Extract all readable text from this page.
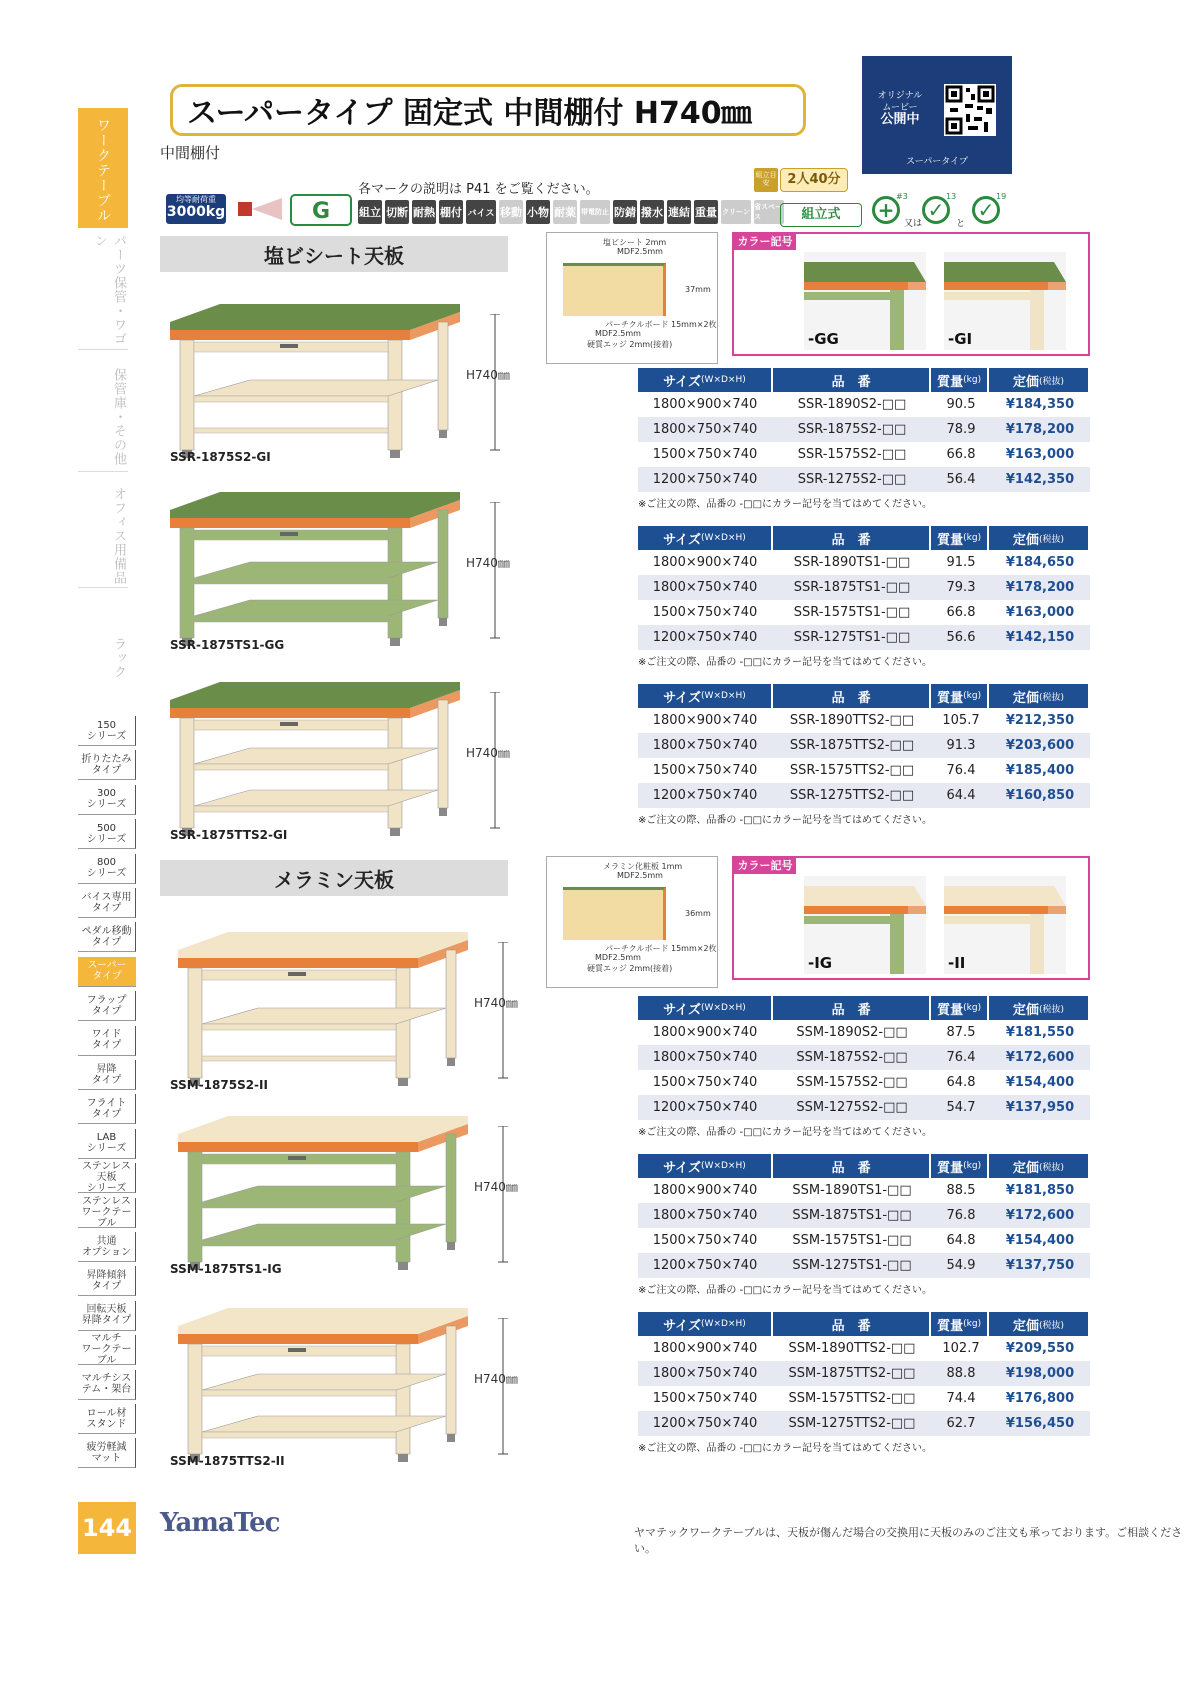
ワークテーブル
パーツ保管・ワゴン
保管庫・その他
オフィス用備品
ラック
150
シリーズ
折りたたみ
タイプ
300
シリーズ
500
シリーズ
800
シリーズ
バイス専用
タイプ
ペダル移動
タイプ
スーパー
タイプ
フラップ
タイプ
ワイド
タイプ
昇降
タイプ
フライト
タイプ
LAB
シリーズ
ステンレス天板
シリーズ
ステンレス
ワークテーブル
共通
オプション
昇降傾斜
タイプ
回転天板
昇降タイプ
マルチ
ワークテーブル
マルチシス
テム・架台
ロール材
スタンド
疲労軽減
マット
スーパータイプ 固定式 中間棚付 H740㎜
中間棚付
オリジナル
ムービー
公開中
スーパータイプ
均等耐荷重
3000kg	G
各マークの説明は P41 をご覧ください。
組立 切断 耐熱 棚付 バイス 移動 小物 耐薬 帯電防止 防錆 撥水 連結 重量 クリーン
省スペース
組立目安	2人40分
組立式	+
#3
又は
✓
13
と
✓
19
塩ビシート天板
塩ビシート 2mm
MDF2.5mm
37mm
パーチクルボード 15mm×2枚
MDF2.5mm
硬質エッジ 2mm(接着)
カラー記号
-GG	-GI
サイズ (W×D×H)	品　番	質量 (kg) 定価 (税抜)
1800×900×740	SSR-1890S2-□□	90.5	¥184,350
1800×750×740	SSR-1875S2-□□	78.9	¥178,200
1500×750×740	SSR-1575S2-□□	66.8	¥163,000
1200×750×740	SSR-1275S2-□□	56.4	¥142,350
※ご注文の際、品番の -□□にカラー記号を当てはめてください。
サイズ (W×D×H)	品　番	質量 (kg) 定価 (税抜)
1800×900×740	SSR-1890TS1-□□	91.5	¥184,650
1800×750×740	SSR-1875TS1-□□	79.3	¥178,200
1500×750×740	SSR-1575TS1-□□	66.8	¥163,000
1200×750×740	SSR-1275TS1-□□	56.6	¥142,150
※ご注文の際、品番の -□□にカラー記号を当てはめてください。
サイズ (W×D×H)	品　番	質量 (kg) 定価 (税抜)
1800×900×740	SSR-1890TTS2-□□	105.7	¥212,350
1800×750×740	SSR-1875TTS2-□□	91.3	¥203,600
1500×750×740	SSR-1575TTS2-□□	76.4	¥185,400
1200×750×740	SSR-1275TTS2-□□	64.4	¥160,850
※ご注文の際、品番の -□□にカラー記号を当てはめてください。
H740㎜
SSR-1875S2-GI
H740㎜
SSR-1875TS1-GG
H740㎜
SSR-1875TTS2-GI
メラミン天板
メラミン化粧板 1mm
MDF2.5mm
36mm
パーチクルボード 15mm×2枚
MDF2.5mm
硬質エッジ 2mm(接着)
カラー記号
-IG	-II
サイズ (W×D×H)	品　番	質量 (kg) 定価 (税抜)
1800×900×740	SSM-1890S2-□□	87.5	¥181,550
1800×750×740	SSM-1875S2-□□	76.4	¥172,600
1500×750×740	SSM-1575S2-□□	64.8	¥154,400
1200×750×740	SSM-1275S2-□□	54.7	¥137,950
※ご注文の際、品番の -□□にカラー記号を当てはめてください。
サイズ (W×D×H)	品　番	質量 (kg) 定価 (税抜)
1800×900×740	SSM-1890TS1-□□	88.5	¥181,850
1800×750×740	SSM-1875TS1-□□	76.8	¥172,600
1500×750×740	SSM-1575TS1-□□	64.8	¥154,400
1200×750×740	SSM-1275TS1-□□	54.9	¥137,750
※ご注文の際、品番の -□□にカラー記号を当てはめてください。
サイズ (W×D×H)	品　番	質量 (kg) 定価 (税抜)
1800×900×740	SSM-1890TTS2-□□	102.7	¥209,550
1800×750×740	SSM-1875TTS2-□□	88.8	¥198,000
1500×750×740	SSM-1575TTS2-□□	74.4	¥176,800
1200×750×740	SSM-1275TTS2-□□	62.7	¥156,450
※ご注文の際、品番の -□□にカラー記号を当てはめてください。
H740㎜
SSM-1875S2-II
H740㎜
SSM-1875TS1-IG
H740㎜
SSM-1875TTS2-II
144 YamaTec	ヤマテックワークテーブルは、天板が傷んだ場合の交換用に天板のみのご注文も承っております。ご相談ください。
